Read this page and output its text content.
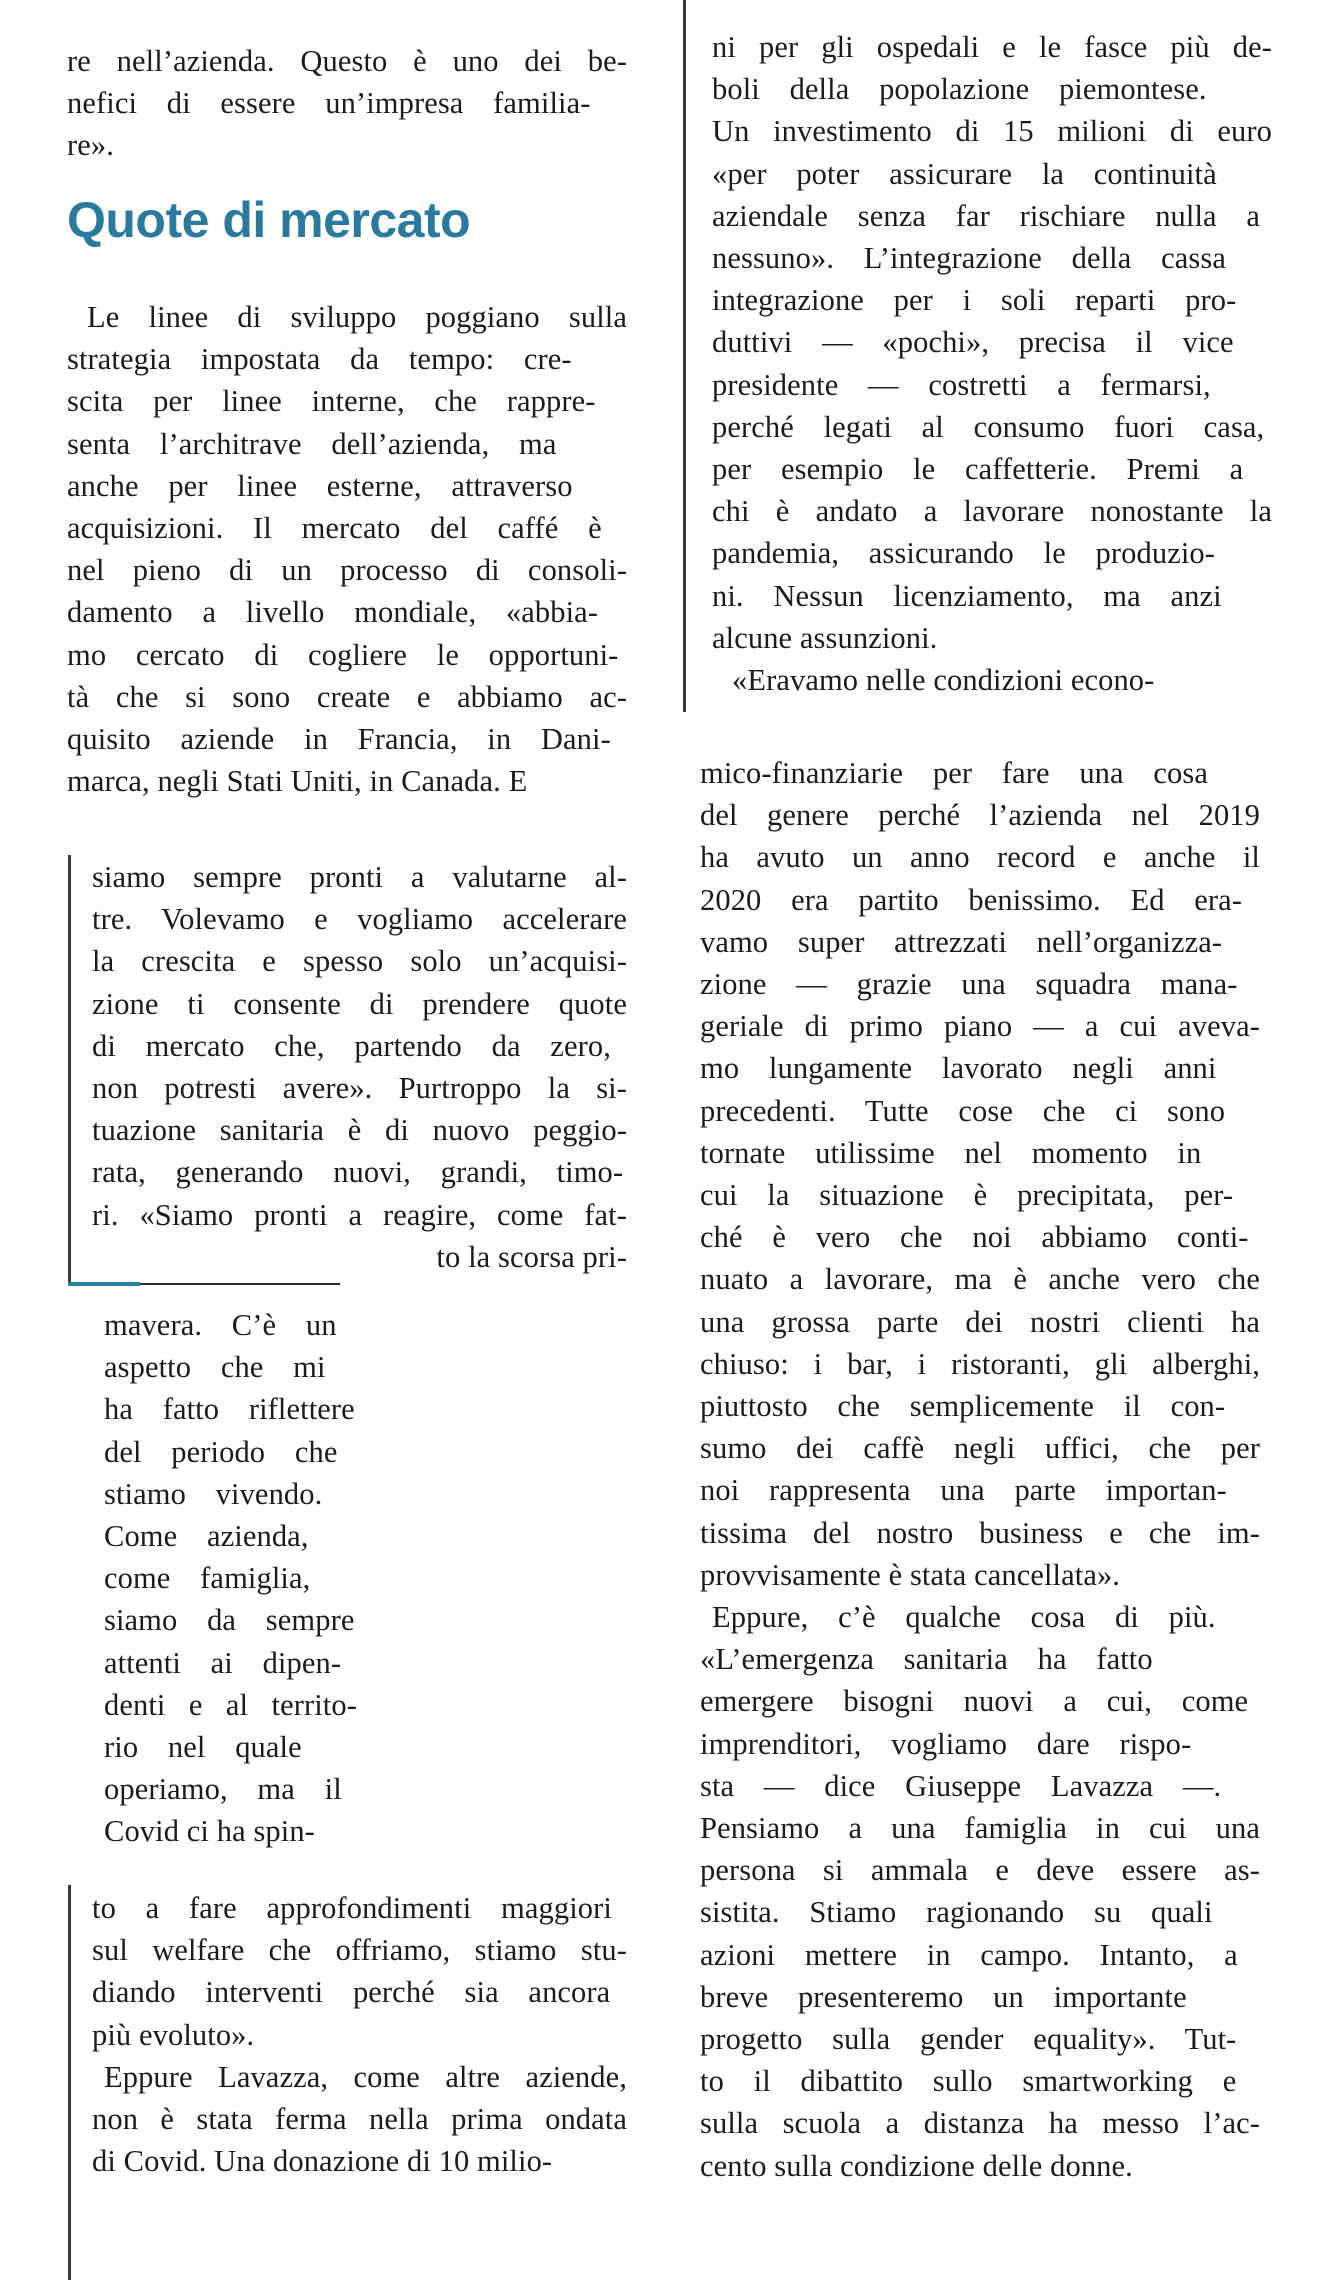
re nell’azienda. Questo è uno dei be-
nefici di essere un’impresa familia-
re».
Quote di mercato
Le linee di sviluppo poggiano sulla
strategia impostata da tempo: cre-
scita per linee interne, che rappre-
senta l’architrave dell’azienda, ma
anche per linee esterne, attraverso
acquisizioni. Il mercato del caffé è
nel pieno di un processo di consoli-
damento a livello mondiale, «abbia-
mo cercato di cogliere le opportuni-
tà che si sono create e abbiamo ac-
quisito aziende in Francia, in Dani-
marca, negli Stati Uniti, in Canada. E
siamo sempre pronti a valutarne al-
tre. Volevamo e vogliamo accelerare
la crescita e spesso solo un’acquisi-
zione ti consente di prendere quote
di mercato che, partendo da zero,
non potresti avere». Purtroppo la si-
tuazione sanitaria è di nuovo peggio-
rata, generando nuovi, grandi, timo-
ri. «Siamo pronti a reagire, come fat-
to la scorsa pri-
mavera. C’è un
aspetto che mi
ha fatto riflettere
del periodo che
stiamo vivendo.
Come azienda,
come famiglia,
siamo da sempre
attenti ai dipen-
denti e al territo-
rio nel quale
operiamo, ma il
Covid ci ha spin-
to a fare approfondimenti maggiori
sul welfare che offriamo, stiamo stu-
diando interventi perché sia ancora
più evoluto».
Eppure Lavazza, come altre aziende,
non è stata ferma nella prima ondata
di Covid. Una donazione di 10 milio-
ni per gli ospedali e le fasce più de-
boli della popolazione piemontese.
Un investimento di 15 milioni di euro
«per poter assicurare la continuità
aziendale senza far rischiare nulla a
nessuno». L’integrazione della cassa
integrazione per i soli reparti pro-
duttivi — «pochi», precisa il vice
presidente — costretti a fermarsi,
perché legati al consumo fuori casa,
per esempio le caffetterie. Premi a
chi è andato a lavorare nonostante la
pandemia, assicurando le produzio-
ni. Nessun licenziamento, ma anzi
alcune assunzioni.
«Eravamo nelle condizioni econo-
mico-finanziarie per fare una cosa
del genere perché l’azienda nel 2019
ha avuto un anno record e anche il
2020 era partito benissimo. Ed era-
vamo super attrezzati nell’organizza-
zione — grazie una squadra mana-
geriale di primo piano — a cui aveva-
mo lungamente lavorato negli anni
precedenti. Tutte cose che ci sono
tornate utilissime nel momento in
cui la situazione è precipitata, per-
ché è vero che noi abbiamo conti-
nuato a lavorare, ma è anche vero che
una grossa parte dei nostri clienti ha
chiuso: i bar, i ristoranti, gli alberghi,
piuttosto che semplicemente il con-
sumo dei caffè negli uffici, che per
noi rappresenta una parte importan-
tissima del nostro business e che im-
provvisamente è stata cancellata».
Eppure, c’è qualche cosa di più.
«L’emergenza sanitaria ha fatto
emergere bisogni nuovi a cui, come
imprenditori, vogliamo dare rispo-
sta — dice Giuseppe Lavazza —.
Pensiamo a una famiglia in cui una
persona si ammala e deve essere as-
sistita. Stiamo ragionando su quali
azioni mettere in campo. Intanto, a
breve presenteremo un importante
progetto sulla gender equality». Tut-
to il dibattito sullo smartworking e
sulla scuola a distanza ha messo l’ac-
cento sulla condizione delle donne.
